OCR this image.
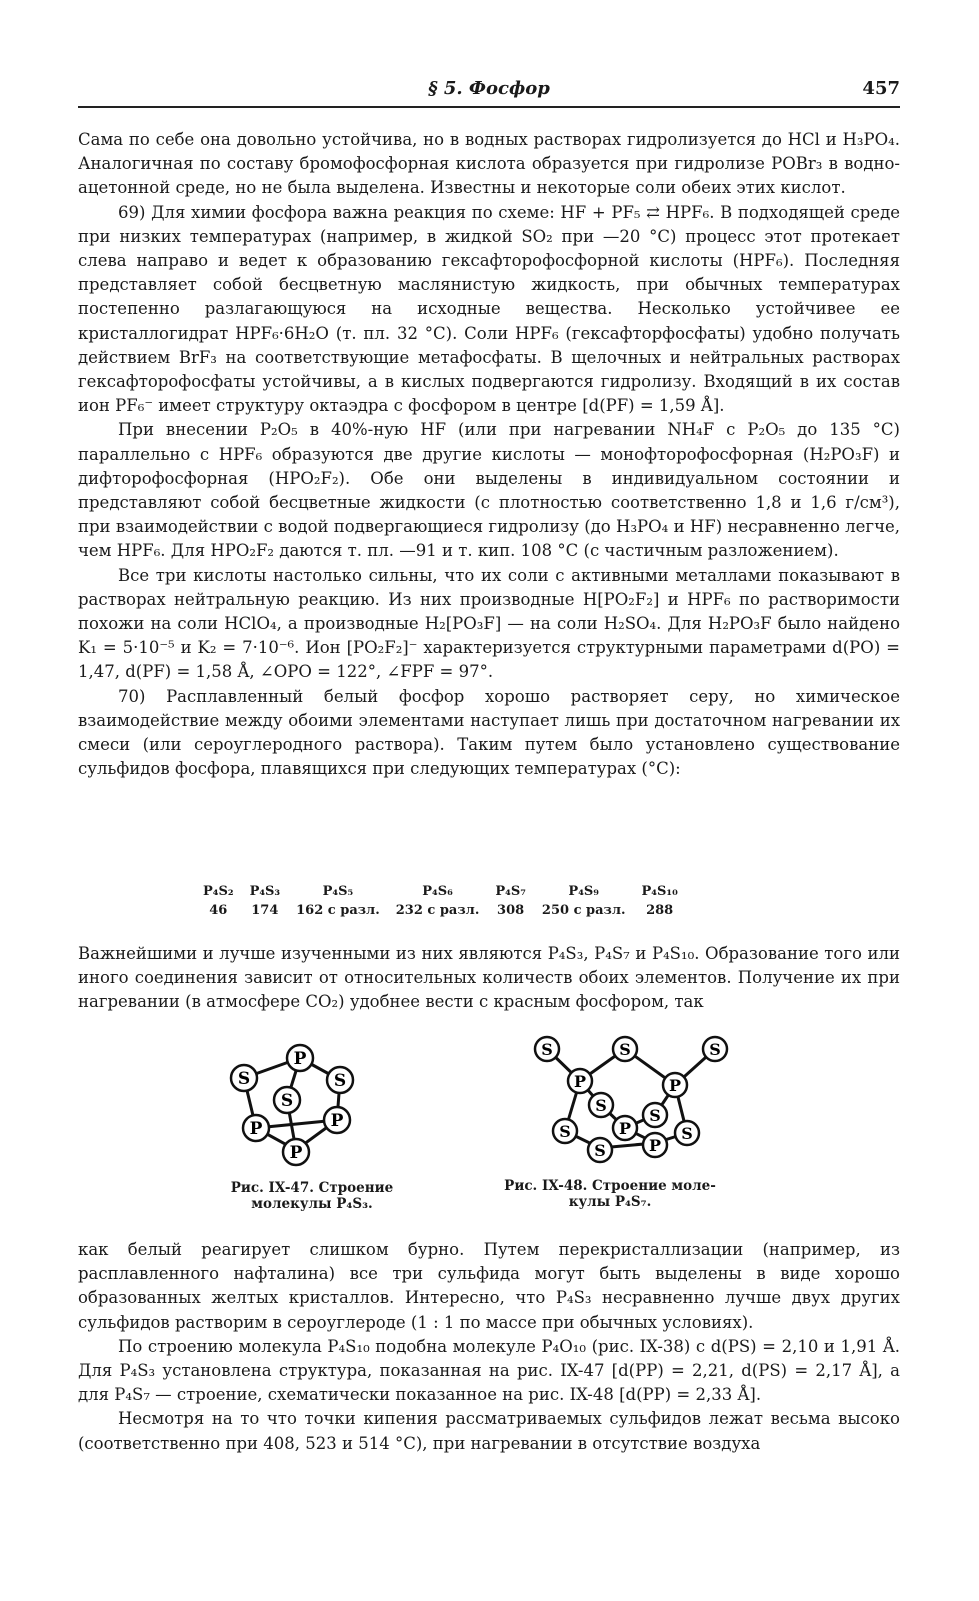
§ 5. Фосфор	457

Сама по себе она довольно устойчива, но в водных растворах гидролизуется до HCl и H₃PO₄. Аналогичная по составу бромофосфорная кислота образуется при гидролизе POBr₃ в водно-ацетонной среде, но не была выделена. Известны и некоторые соли обеих этих кислот.

69) Для химии фосфора важна реакция по схеме: HF + PF₅ ⇄ HPF₆. В подходящей среде при низких температурах (например, в жидкой SO₂ при —20 °C) процесс этот протекает слева направо и ведет к образованию гексафторофосфорной кислоты (HPF₆). Последняя представляет собой бесцветную маслянистую жидкость, при обычных температурах постепенно разлагающуюся на исходные вещества. Несколько устойчивее ее кристаллогидрат HPF₆·6H₂O (т. пл. 32 °C). Соли HPF₆ (гексафторфосфаты) удобно получать действием BrF₃ на соответствующие метафосфаты. В щелочных и нейтральных растворах гексафторофосфаты устойчивы, а в кислых подвергаются гидролизу. Входящий в их состав ион PF₆⁻ имеет структуру октаэдра с фосфором в центре [d(PF) = 1,59 Å].

При внесении P₂O₅ в 40%-ную HF (или при нагревании NH₄F с P₂O₅ до 135 °C) параллельно с HPF₆ образуются две другие кислоты — монофторофосфорная (H₂PO₃F) и дифторофосфорная (HPO₂F₂). Обе они выделены в индивидуальном состоянии и представляют собой бесцветные жидкости (с плотностью соответственно 1,8 и 1,6 г/см³), при взаимодействии с водой подвергающиеся гидролизу (до H₃PO₄ и HF) несравненно легче, чем HPF₆. Для HPO₂F₂ даются т. пл. —91 и т. кип. 108 °C (с частичным разложением).

Все три кислоты настолько сильны, что их соли с активными металлами показывают в растворах нейтральную реакцию. Из них производные H[PO₂F₂] и HPF₆ по растворимости похожи на соли HClO₄, а производные H₂[PO₃F] — на соли H₂SO₄. Для H₂PO₃F было найдено K₁ = 5·10⁻⁵ и K₂ = 7·10⁻⁶. Ион [PO₂F₂]⁻ характеризуется структурными параметрами d(PO) = 1,47, d(PF) = 1,58 Å, ∠OPO = 122°, ∠FPF = 97°.

70) Расплавленный белый фосфор хорошо растворяет серу, но химическое взаимодействие между обоими элементами наступает лишь при достаточном нагревании их смеси (или сероуглеродного раствора). Таким путем было установлено существование сульфидов фосфора, плавящихся при следующих температурах (°C):

P₄S₂	P₄S₃	P₄S₅	P₄S₆	P₄S₇	P₄S₉	P₄S₁₀
46	174	162 с разл.	232 с разл.	308	250 с разл.	288

Важнейшими и лучше изученными из них являются P₄S₃, P₄S₇ и P₄S₁₀. Образование того или иного соединения зависит от относительных количеств обоих элементов. Получение их при нагревании (в атмосфере CO₂) удобнее вести с красным фосфором, так

P
S	S
S
P	P
P
Рис. IX-47. Строение
молекулы P₄S₃.
S	S	S
P	P
S
S
S	P	S
S	P
Рис. IX-48. Строение моле-
кулы P₄S₇.

как белый реагирует слишком бурно. Путем перекристаллизации (например, из расплавленного нафталина) все три сульфида могут быть выделены в виде хорошо образованных желтых кристаллов. Интересно, что P₄S₃ несравненно лучше двух других сульфидов растворим в сероуглероде (1 : 1 по массе при обычных условиях).

По строению молекула P₄S₁₀ подобна молекуле P₄O₁₀ (рис. IX-38) с d(PS) = 2,10 и 1,91 Å. Для P₄S₃ установлена структура, показанная на рис. IX-47 [d(PP) = 2,21, d(PS) = 2,17 Å], а для P₄S₇ — строение, схематически показанное на рис. IX-48 [d(PP) = 2,33 Å].

Несмотря на то что точки кипения рассматриваемых сульфидов лежат весьма высоко (соответственно при 408, 523 и 514 °C), при нагревании в отсутствие воздуха
